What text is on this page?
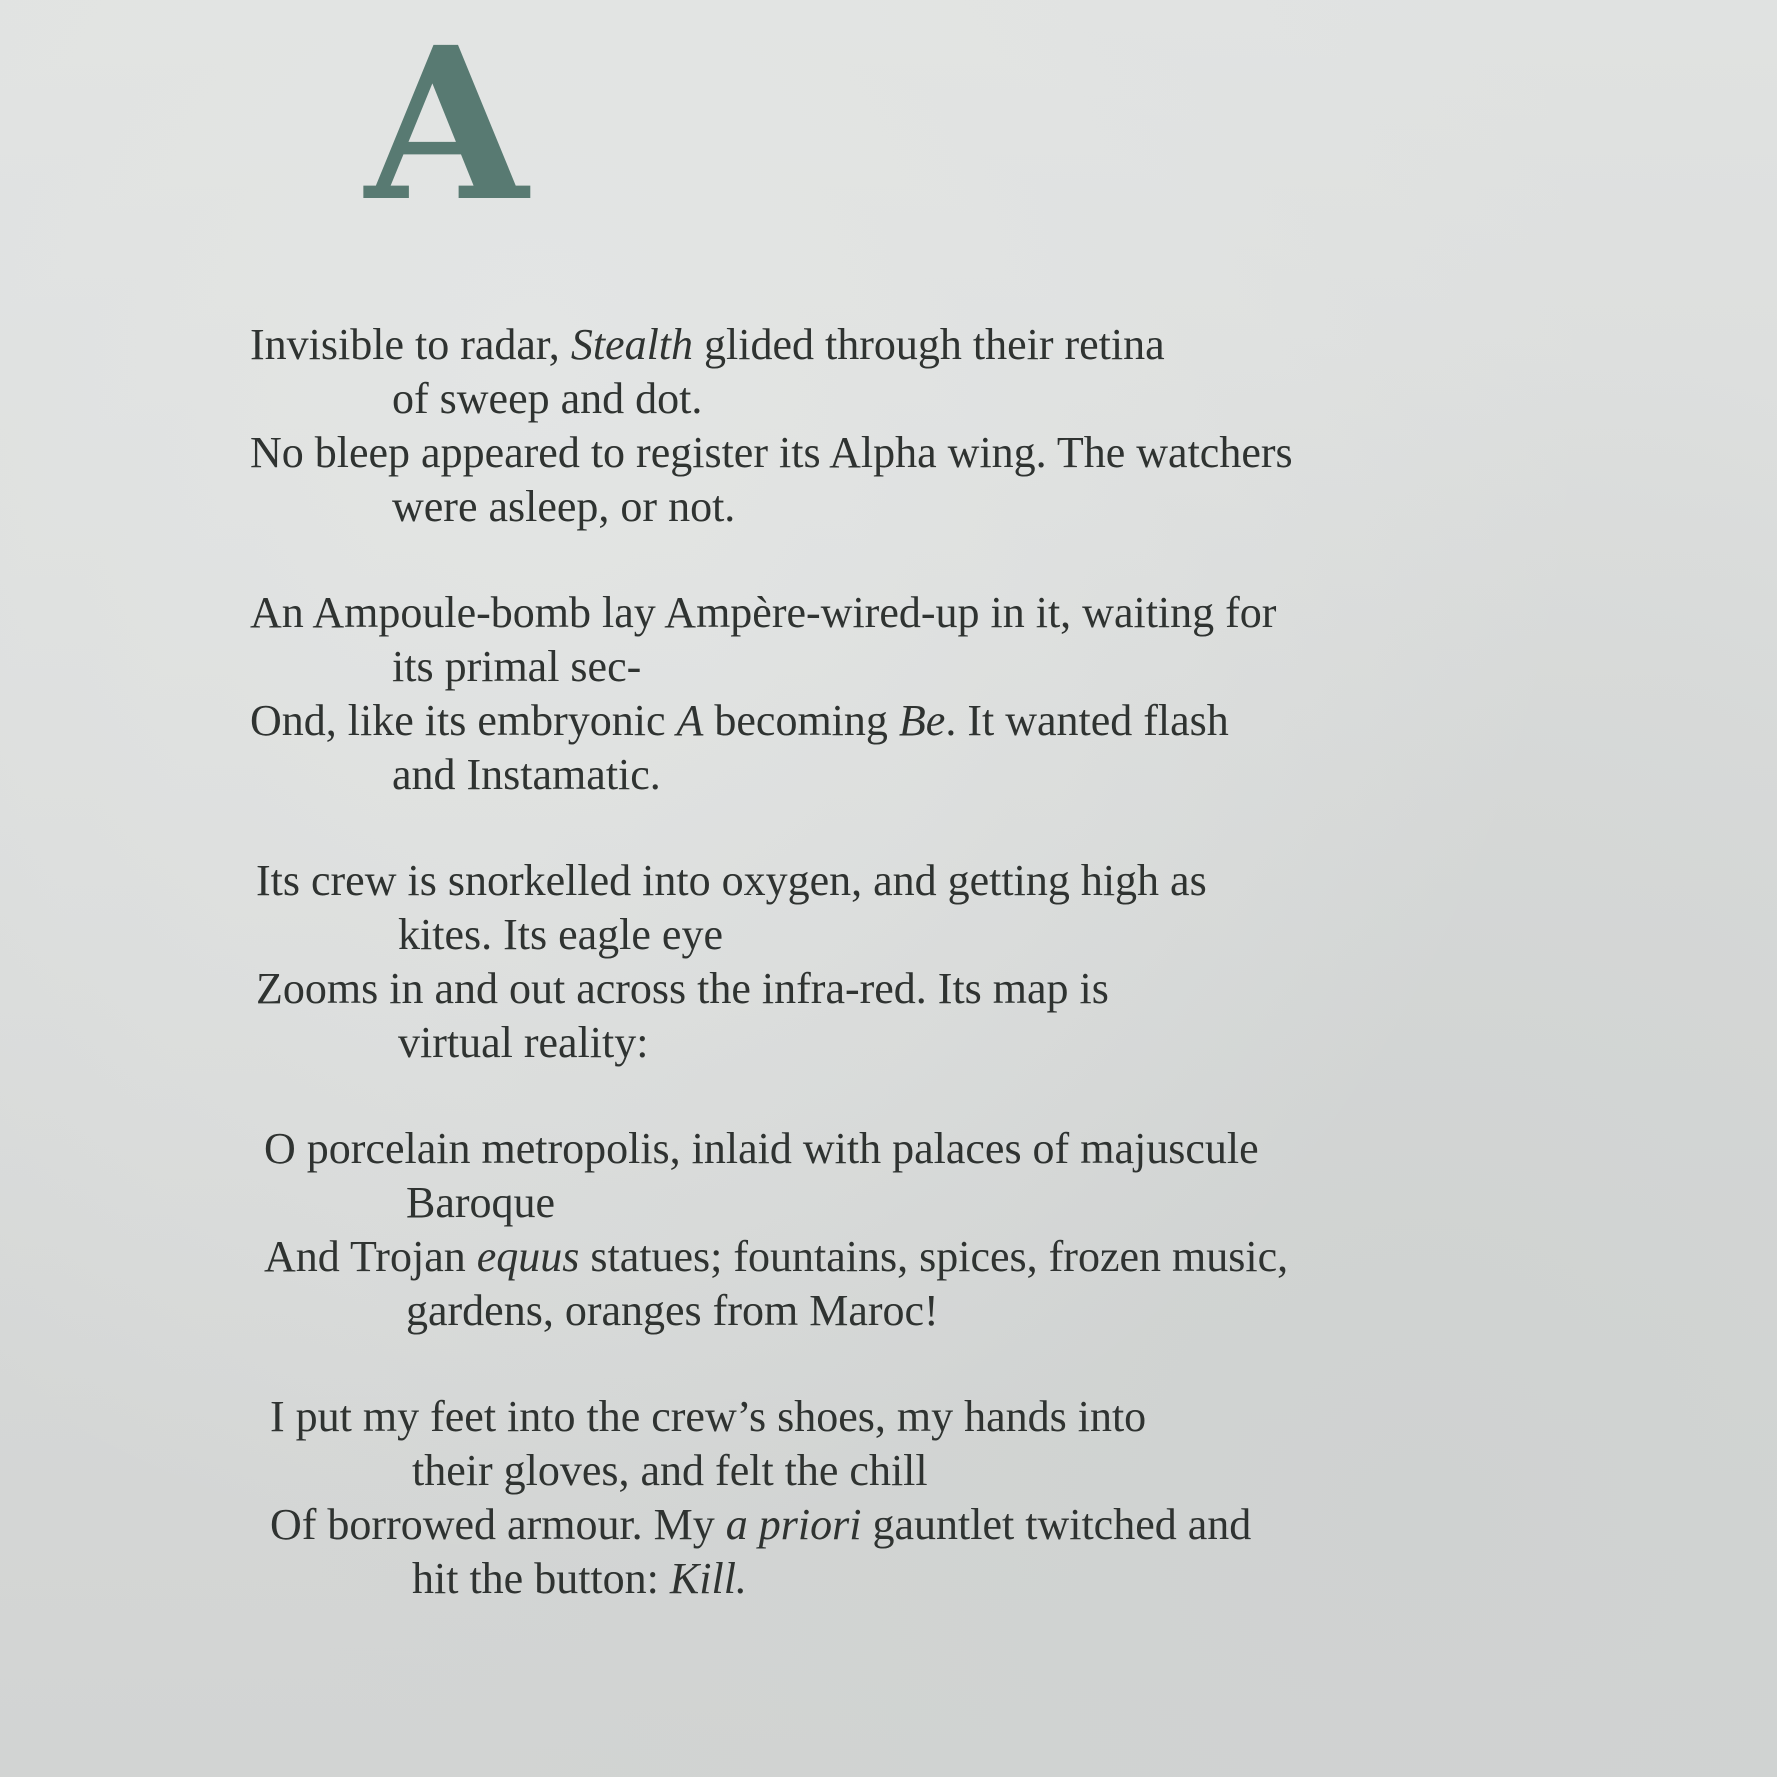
A
Invisible to radar, Stealth glided through their retina
of sweep and dot.
No bleep appeared to register its Alpha wing. The watchers
were asleep, or not.
An Ampoule-bomb lay Ampère-wired-up in it, waiting for
its primal sec-
Ond, like its embryonic A becoming Be. It wanted flash
and Instamatic.
Its crew is snorkelled into oxygen, and getting high as
kites. Its eagle eye
Zooms in and out across the infra-red. Its map is
virtual reality:
O porcelain metropolis, inlaid with palaces of majuscule
Baroque
And Trojan equus statues; fountains, spices, frozen music,
gardens, oranges from Maroc!
I put my feet into the crew’s shoes, my hands into
their gloves, and felt the chill
Of borrowed armour. My a priori gauntlet twitched and
hit the button: Kill.
